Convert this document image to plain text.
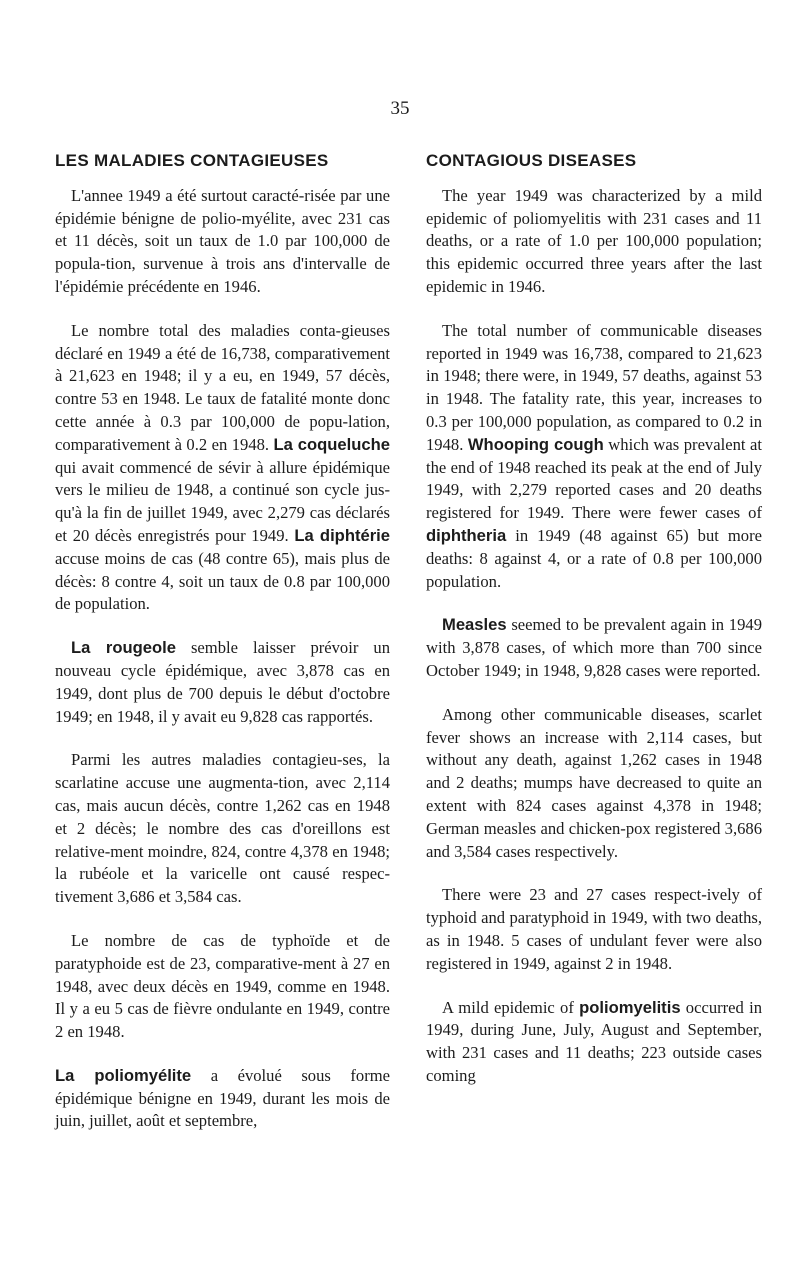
35
LES MALADIES CONTAGIEUSES

L'annee 1949 a été surtout caracté-risée par une épidémie bénigne de polio-myélite, avec 231 cas et 11 décès, soit un taux de 1.0 par 100,000 de popula-tion, survenue à trois ans d'intervalle de l'épidémie précédente en 1946.

Le nombre total des maladies conta-gieuses déclaré en 1949 a été de 16,738, comparativement à 21,623 en 1948; il y a eu, en 1949, 57 décès, contre 53 en 1948. Le taux de fatalité monte donc cette année à 0.3 par 100,000 de popu-lation, comparativement à 0.2 en 1948. La coqueluche qui avait commencé de sévir à allure épidémique vers le milieu de 1948, a continué son cycle jus-qu'à la fin de juillet 1949, avec 2,279 cas déclarés et 20 décès enregistrés pour 1949. La diphtérie accuse moins de cas (48 contre 65), mais plus de décès: 8 contre 4, soit un taux de 0.8 par 100,000 de population.

La rougeole semble laisser prévoir un nouveau cycle épidémique, avec 3,878 cas en 1949, dont plus de 700 depuis le début d'octobre 1949; en 1948, il y avait eu 9,828 cas rapportés.

Parmi les autres maladies contagieu-ses, la scarlatine accuse une augmenta-tion, avec 2,114 cas, mais aucun décès, contre 1,262 cas en 1948 et 2 décès; le nombre des cas d'oreillons est relative-ment moindre, 824, contre 4,378 en 1948; la rubéole et la varicelle ont causé respec-tivement 3,686 et 3,584 cas.

Le nombre de cas de typhoïde et de paratyphoide est de 23, comparative-ment à 27 en 1948, avec deux décès en 1949, comme en 1948. Il y a eu 5 cas de fièvre ondulante en 1949, contre 2 en 1948.

La poliomyélite a évolué sous forme épidémique bénigne en 1949, durant les mois de juin, juillet, août et septembre,

CONTAGIOUS DISEASES

The year 1949 was characterized by a mild epidemic of poliomyelitis with 231 cases and 11 deaths, or a rate of 1.0 per 100,000 population; this epidemic occurred three years after the last epidemic in 1946.

The total number of communicable diseases reported in 1949 was 16,738, compared to 21,623 in 1948; there were, in 1949, 57 deaths, against 53 in 1948. The fatality rate, this year, increases to 0.3 per 100,000 population, as compared to 0.2 in 1948. Whooping cough which was prevalent at the end of 1948 reached its peak at the end of July 1949, with 2,279 reported cases and 20 deaths registered for 1949. There were fewer cases of diphtheria in 1949 (48 against 65) but more deaths: 8 against 4, or a rate of 0.8 per 100,000 population.

Measles seemed to be prevalent again in 1949 with 3,878 cases, of which more than 700 since October 1949; in 1948, 9,828 cases were reported.

Among other communicable diseases, scarlet fever shows an increase with 2,114 cases, but without any death, against 1,262 cases in 1948 and 2 deaths; mumps have decreased to quite an extent with 824 cases against 4,378 in 1948; German measles and chicken-pox registered 3,686 and 3,584 cases respectively.

There were 23 and 27 cases respect-ively of typhoid and paratyphoid in 1949, with two deaths, as in 1948. 5 cases of undulant fever were also registered in 1949, against 2 in 1948.

A mild epidemic of poliomyelitis occurred in 1949, during June, July, August and September, with 231 cases and 11 deaths; 223 outside cases coming
